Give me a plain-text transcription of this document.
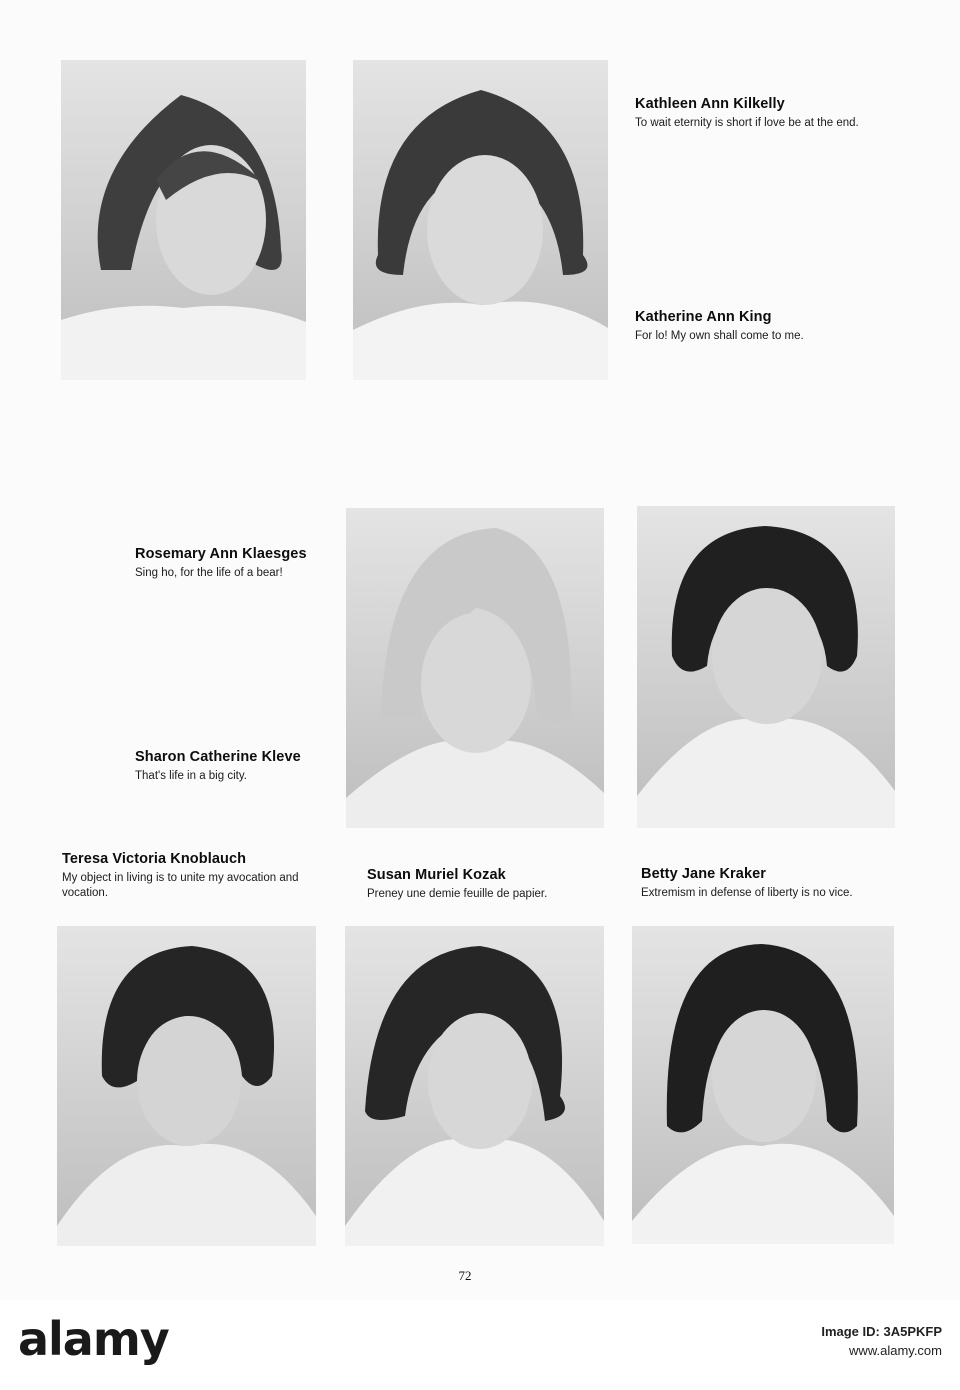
Kathleen Ann Kilkelly
To wait eternity is short if love be at the end.
Katherine Ann King
For lo! My own shall come to me.
Rosemary Ann Klaesges
Sing ho, for the life of a bear!
Sharon Catherine Kleve
That's life in a big city.
Teresa Victoria Knoblauch
My object in living is to unite my avocation and vocation.
Susan Muriel Kozak
Preney une demie feuille de papier.
Betty Jane Kraker
Extremism in defense of liberty is no vice.
72
alamy	Image ID: 3A5PKFP
www.alamy.com
